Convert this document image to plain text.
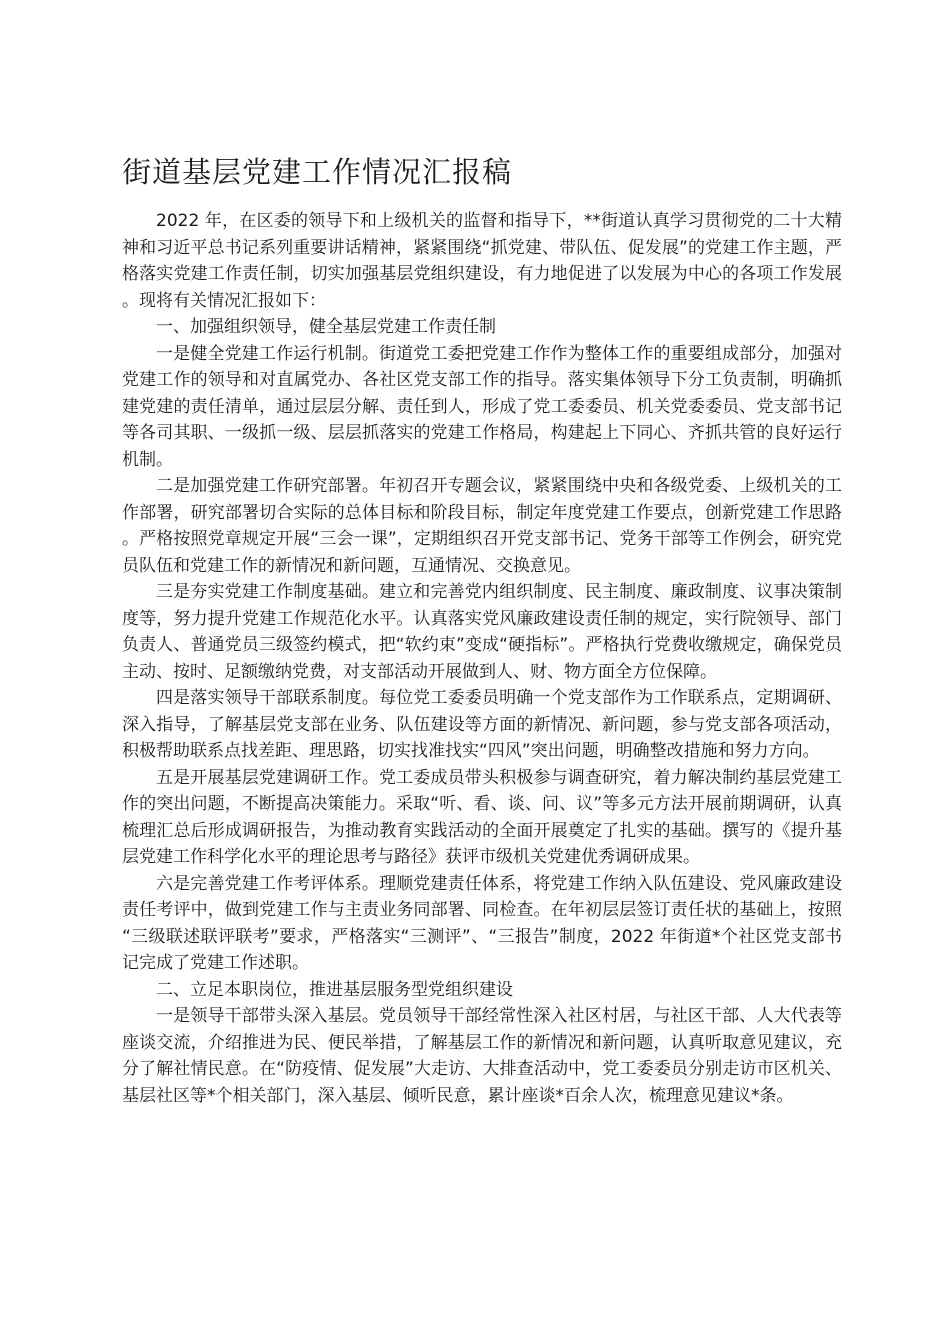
街道基层党建工作情况汇报稿

2022 年，在区委的领导下和上级机关的监督和指导下，**街道认真学习贯彻党的二十大精神和习近平总书记系列重要讲话精神，紧紧围绕“抓党建、带队伍、促发展”的党建工作主题，严格落实党建工作责任制，切实加强基层党组织建设，有力地促进了以发展为中心的各项工作发展。现将有关情况汇报如下：

一、加强组织领导，健全基层党建工作责任制

一是健全党建工作运行机制。街道党工委把党建工作作为整体工作的重要组成部分，加强对党建工作的领导和对直属党办、各社区党支部工作的指导。落实集体领导下分工负责制，明确抓建党建的责任清单，通过层层分解、责任到人，形成了党工委委员、机关党委委员、党支部书记等各司其职、一级抓一级、层层抓落实的党建工作格局，构建起上下同心、齐抓共管的良好运行机制。

二是加强党建工作研究部署。年初召开专题会议，紧紧围绕中央和各级党委、上级机关的工作部署，研究部署切合实际的总体目标和阶段目标，制定年度党建工作要点，创新党建工作思路。严格按照党章规定开展“三会一课”，定期组织召开党支部书记、党务干部等工作例会，研究党员队伍和党建工作的新情况和新问题，互通情况、交换意见。

三是夯实党建工作制度基础。建立和完善党内组织制度、民主制度、廉政制度、议事决策制度等，努力提升党建工作规范化水平。认真落实党风廉政建设责任制的规定，实行院领导、部门负责人、普通党员三级签约模式，把“软约束”变成“硬指标”。严格执行党费收缴规定，确保党员主动、按时、足额缴纳党费，对支部活动开展做到人、财、物方面全方位保障。

四是落实领导干部联系制度。每位党工委委员明确一个党支部作为工作联系点，定期调研、深入指导，了解基层党支部在业务、队伍建设等方面的新情况、新问题，参与党支部各项活动，积极帮助联系点找差距、理思路，切实找准找实“四风”突出问题，明确整改措施和努力方向。

五是开展基层党建调研工作。党工委成员带头积极参与调查研究，着力解决制约基层党建工作的突出问题，不断提高决策能力。采取“听、看、谈、问、议”等多元方法开展前期调研，认真梳理汇总后形成调研报告，为推动教育实践活动的全面开展奠定了扎实的基础。撰写的《提升基层党建工作科学化水平的理论思考与路径》获评市级机关党建优秀调研成果。

六是完善党建工作考评体系。理顺党建责任体系，将党建工作纳入队伍建设、党风廉政建设责任考评中，做到党建工作与主责业务同部署、同检查。在年初层层签订责任状的基础上，按照“三级联述联评联考”要求，严格落实“三测评”、“三报告”制度，2022 年街道*个社区党支部书记完成了党建工作述职。

二、立足本职岗位，推进基层服务型党组织建设

一是领导干部带头深入基层。党员领导干部经常性深入社区村居，与社区干部、人大代表等座谈交流，介绍推进为民、便民举措，了解基层工作的新情况和新问题，认真听取意见建议，充分了解社情民意。在“防疫情、促发展”大走访、大排查活动中，党工委委员分别走访市区机关、基层社区等*个相关部门，深入基层、倾听民意，累计座谈*百余人次，梳理意见建议*条。
